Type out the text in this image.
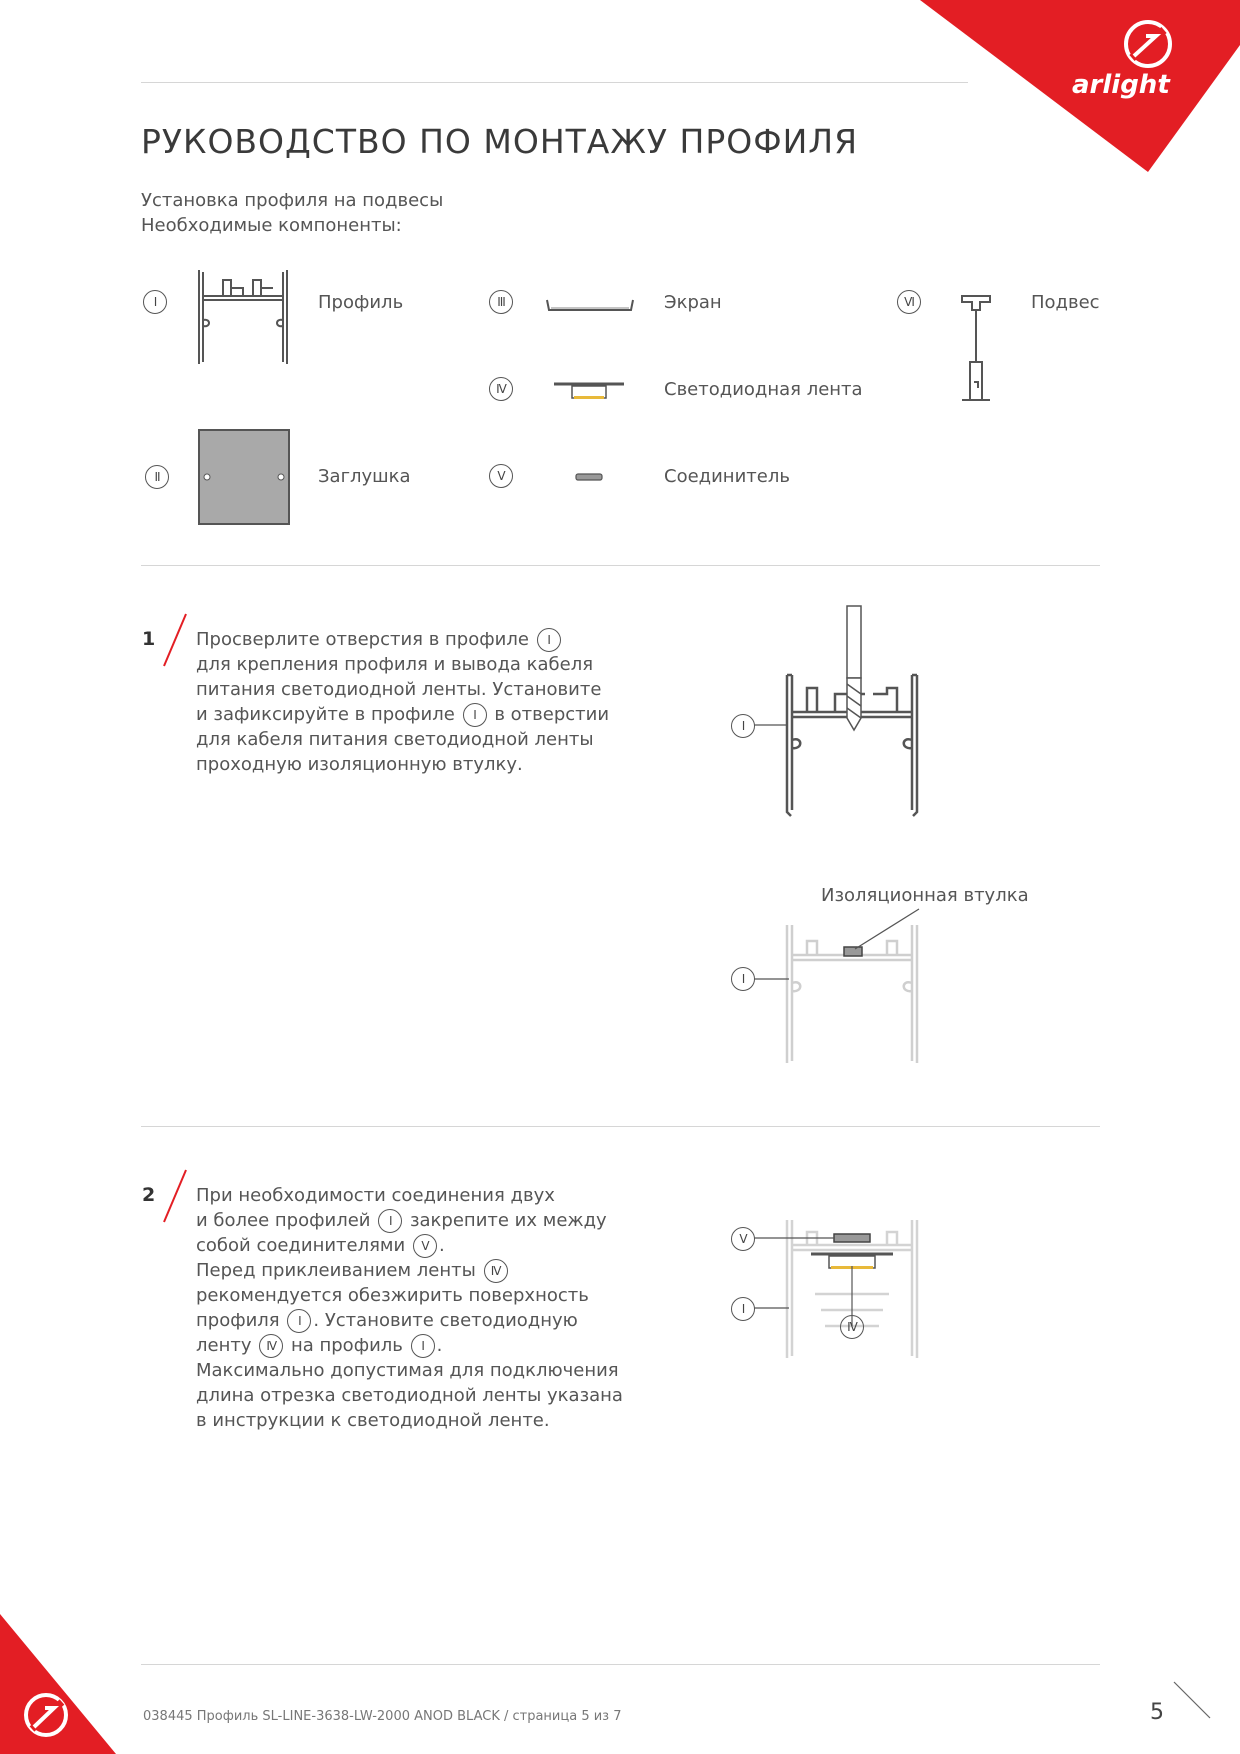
arlight
РУКОВОДСТВО ПО МОНТАЖУ ПРОФИЛЯ
Установка профиля на подвесы
Необходимые компоненты:
I	Профиль
II	Заглушка
III	Экран
IV	Светодиодная лента
V	Соединитель
VI	Подвес
1 Просверлите отверстия в профиле I
для крепления профиля и вывода кабеля
питания светодиодной ленты. Установите
и зафиксируйте в профиле I в отверстии
для кабеля питания светодиодной ленты
проходную изоляционную втулку.
I
Изоляционная втулка
I
2 При необходимости соединения двух
и более профилей I закрепите их между
собой соединителями V .
Перед приклеиванием ленты IV
рекомендуется обезжирить поверхность
профиля I . Установите светодиодную
ленту IV на профиль I .
Максимально допустимая для подключения
длина отрезка светодиодной ленты указана
в инструкции к светодиодной ленте.
V
I
IV
038445 Профиль SL-LINE-3638-LW-2000 ANOD BLACK / страница 5 из 7	5
